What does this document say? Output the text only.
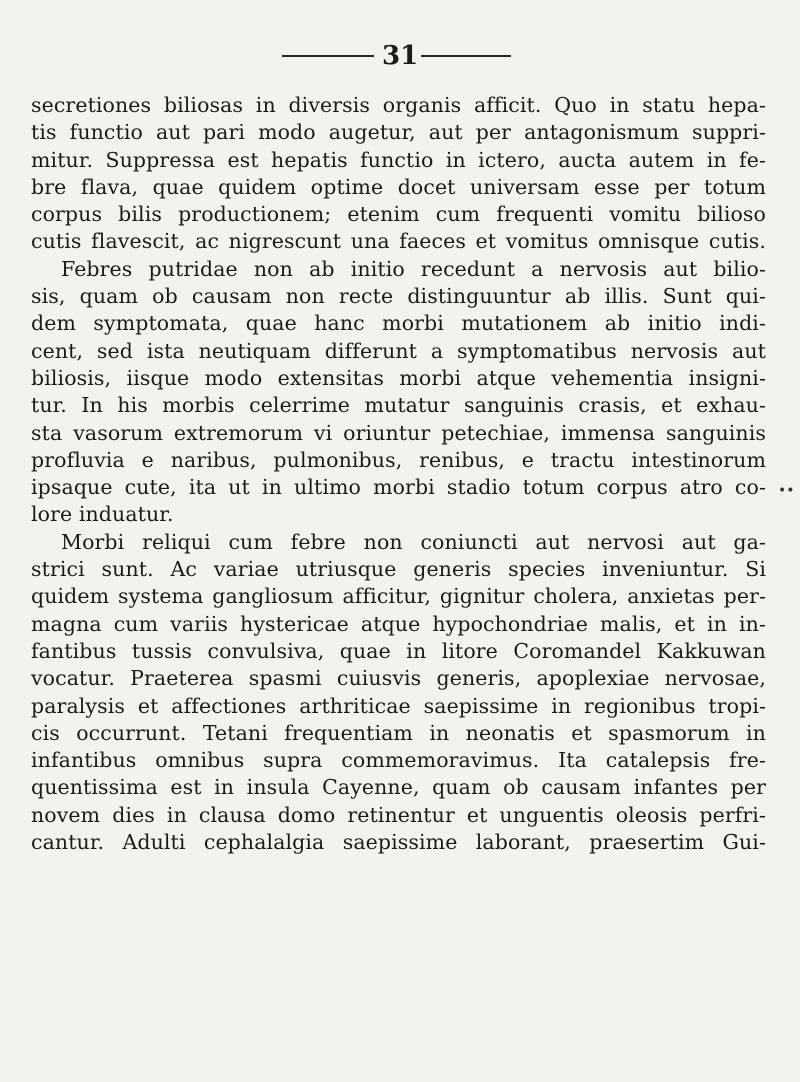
31
secretiones biliosas in diversis organis afficit. Quo in statu hepa-
tis functio aut pari modo augetur, aut per antagonismum suppri-
mitur. Suppressa est hepatis functio in ictero, aucta autem in fe-
bre flava, quae quidem optime docet universam esse per totum
corpus bilis productionem; etenim cum frequenti vomitu bilioso
cutis flavescit, ac nigrescunt una faeces et vomitus omnisque cutis.
Febres putridae non ab initio recedunt a nervosis aut bilio-
sis, quam ob causam non recte distinguuntur ab illis. Sunt qui-
dem symptomata, quae hanc morbi mutationem ab initio indi-
cent, sed ista neutiquam differunt a symptomatibus nervosis aut
biliosis, iisque modo extensitas morbi atque vehementia insigni-
tur. In his morbis celerrime mutatur sanguinis crasis, et exhau-
sta vasorum extremorum vi oriuntur petechiae, immensa sanguinis
profluvia e naribus, pulmonibus, renibus, e tractu intestinorum
ipsaque cute, ita ut in ultimo morbi stadio totum corpus atro co-
lore induatur.
Morbi reliqui cum febre non coniuncti aut nervosi aut ga-
strici sunt. Ac variae utriusque generis species inveniuntur. Si
quidem systema gangliosum afficitur, gignitur cholera, anxietas per-
magna cum variis hystericae atque hypochondriae malis, et in in-
fantibus tussis convulsiva, quae in litore Coromandel Kakkuwan
vocatur. Praeterea spasmi cuiusvis generis, apoplexiae nervosae,
paralysis et affectiones arthriticae saepissime in regionibus tropi-
cis occurrunt. Tetani frequentiam in neonatis et spasmorum in
infantibus omnibus supra commemoravimus. Ita catalepsis fre-
quentissima est in insula Cayenne, quam ob causam infantes per
novem dies in clausa domo retinentur et unguentis oleosis perfri-
cantur. Adulti cephalalgia saepissime laborant, praesertim Gui-
••
